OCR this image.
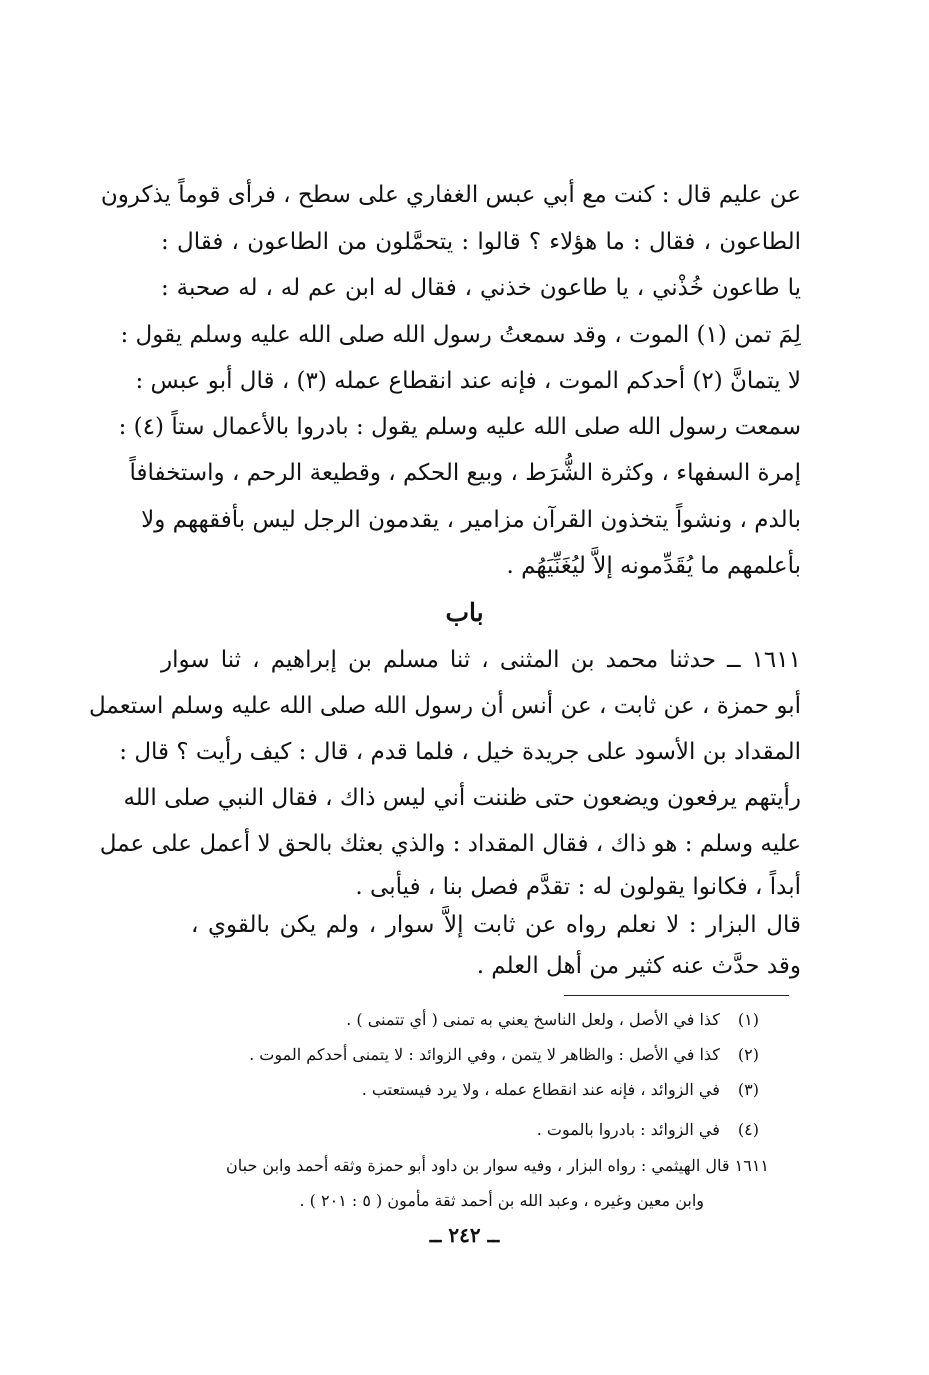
عن عليم قال : كنت مع أبي عبس الغفاري على سطح ، فرأى قوماً يذكرون
الطاعون ، فقال : ما هؤلاء ؟ قالوا : يتحمَّلون من الطاعون ، فقال :
يا طاعون خُذْني ، يا طاعون خذني ، فقال له ابن عم له ، له صحبة :
لِمَ تمن (١) الموت ، وقد سمعتُ رسول الله صلى الله عليه وسلم يقول :
لا يتمانَّ (٢) أحدكم الموت ، فإنه عند انقطاع عمله (٣) ، قال أبو عبس :
سمعت رسول الله صلى الله عليه وسلم يقول : بادروا بالأعمال ستاً (٤) :
إمرة السفهاء ، وكثرة الشُّرَط ، وبيع الحكم ، وقطيعة الرحم ، واستخفافاً
بالدم ، ونشواً يتخذون القرآن مزامير ، يقدمون الرجل ليس بأفقههم ولا
بأعلمهم ما يُقَدِّمونه إلاَّ ليُغَنِّيَهُم .
باب
١٦١١ ــ حدثنا محمد بن المثنى ، ثنا مسلم بن إبراهيم ، ثنا سوار
أبو حمزة ، عن ثابت ، عن أنس أن رسول الله صلى الله عليه وسلم استعمل
المقداد بن الأسود على جريدة خيل ، فلما قدم ، قال : كيف رأيت ؟ قال :
رأيتهم يرفعون ويضعون حتى ظننت أني ليس ذاك ، فقال النبي صلى الله
عليه وسلم : هو ذاك ، فقال المقداد : والذي بعثك بالحق لا أعمل على عمل
أبداً ، فكانوا يقولون له : تقدَّم فصل بنا ، فيأبى .
قال البزار : لا نعلم رواه عن ثابت إلاَّ سوار ، ولم يكن بالقوي ،
وقد حدَّث عنه كثير من أهل العلم .
(١) كذا في الأصل ، ولعل الناسخ يعني به تمنى ( أي تتمنى ) .
(٢) كذا في الأصل : والظاهر لا يتمن ، وفي الزوائد : لا يتمنى أحدكم الموت .
(٣) في الزوائد ، فإنه عند انقطاع عمله ، ولا يرد فيستعتب .
(٤) في الزوائد : بادروا بالموت .
١٦١١ قال الهيثمي : رواه البزار ، وفيه سوار بن داود أبو حمزة وثقه أحمد وابن حبان
وابن معين وغيره ، وعبد الله بن أحمد ثقة مأمون ( ٥ : ٢٠١ ) .
ــ ٢٤٢ ــ
